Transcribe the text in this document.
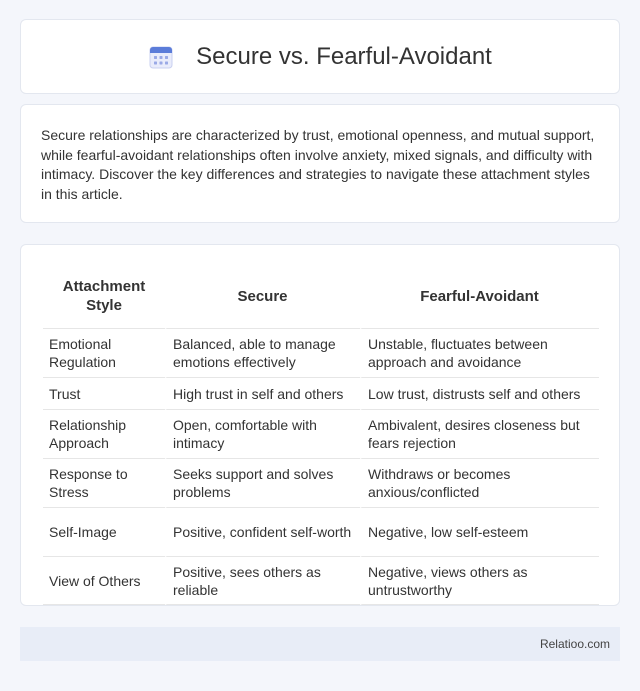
Secure vs. Fearful-Avoidant

Secure relationships are characterized by trust, emotional openness, and mutual support, while fearful-avoidant relationships often involve anxiety, mixed signals, and difficulty with intimacy. Discover the key differences and strategies to navigate these attachment styles in this article.

Attachment Style	Secure	Fearful-Avoidant
Emotional Regulation	Balanced, able to manage emotions effectively	Unstable, fluctuates between approach and avoidance
Trust	High trust in self and others	Low trust, distrusts self and others
Relationship Approach	Open, comfortable with intimacy	Ambivalent, desires closeness but fears rejection
Response to Stress	Seeks support and solves problems	Withdraws or becomes anxious/conflicted
Self-Image	Positive, confident self-worth	Negative, low self-esteem
View of Others	Positive, sees others as reliable	Negative, views others as untrustworthy
Relatioo.com
